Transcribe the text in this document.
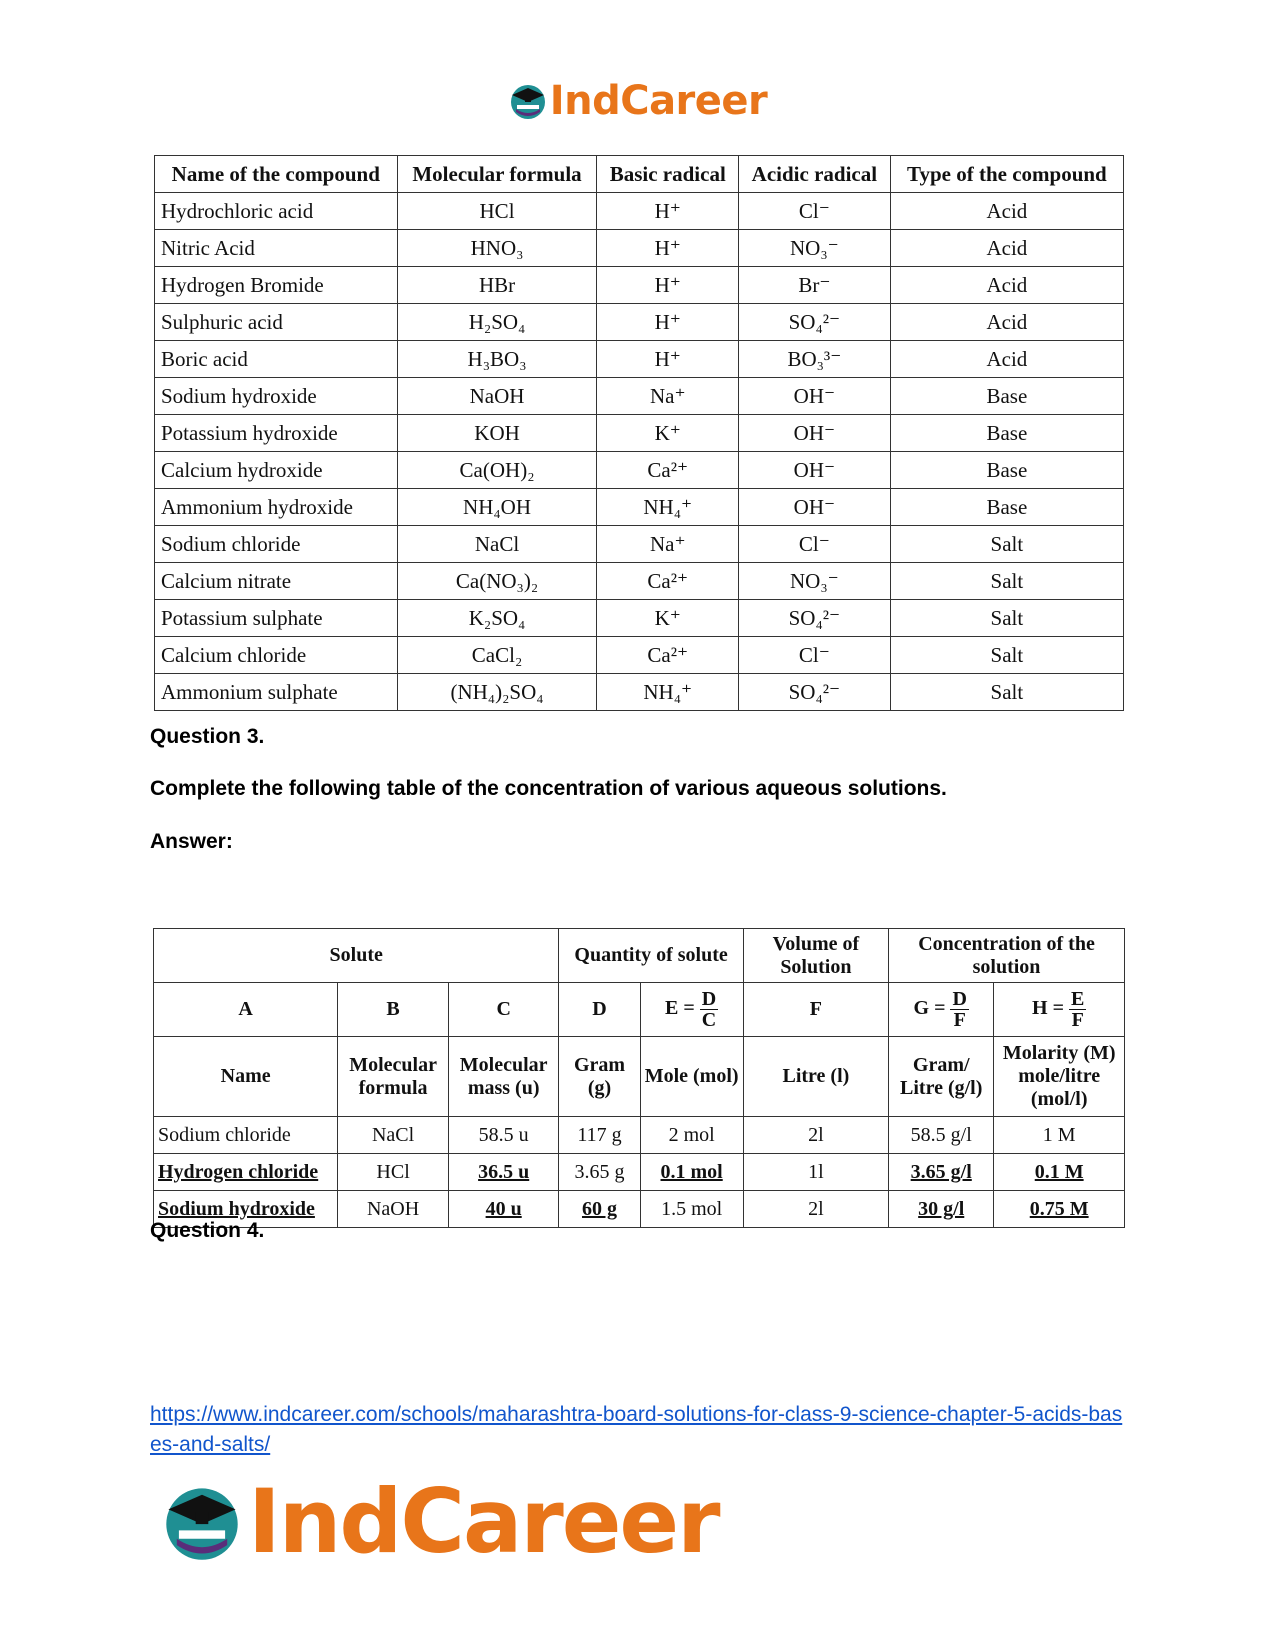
IndCareer
Name of the compound	Molecular formula	Basic radical	Acidic radical	Type of the compound
Hydrochloric acid	HCl	H⁺	Cl⁻	Acid
Nitric Acid	HNO₃	H⁺	NO₃⁻	Acid
Hydrogen Bromide	HBr	H⁺	Br⁻	Acid
Sulphuric acid	H₂SO₄	H⁺	SO₄²⁻	Acid
Boric acid	H₃BO₃	H⁺	BO₃³⁻	Acid
Sodium hydroxide	NaOH	Na⁺	OH⁻	Base
Potassium hydroxide	KOH	K⁺	OH⁻	Base
Calcium hydroxide	Ca(OH)₂	Ca²⁺	OH⁻	Base
Ammonium hydroxide	NH₄OH	NH₄⁺	OH⁻	Base
Sodium chloride	NaCl	Na⁺	Cl⁻	Salt
Calcium nitrate	Ca(NO₃)₂	Ca²⁺	NO₃⁻	Salt
Potassium sulphate	K₂SO₄	K⁺	SO₄²⁻	Salt
Calcium chloride	CaCl₂	Ca²⁺	Cl⁻	Salt
Ammonium sulphate	(NH₄)₂SO₄	NH₄⁺	SO₄²⁻	Salt
Question 3.
Complete the following table of the concentration of various aqueous solutions.
Answer:
Solute			Quantity of solute		Volume of Solution	Concentration of the solution	
A	B	C	D	$E = \frac{D}{C}$	F	$G = \frac{D}{F}$	$H = \frac{E}{F}$

Name	Molecular formula	Molecular mass (u)	Gram (g)	Mole (mol)	Litre (l)	Gram/ Litre (g/l)	Molarity (M) mole/litre (mol/l)
Sodium chloride	NaCl	58.5 u	117 g	2 mol	2l	58.5 g/l	1 M
Hydrogen chloride	HCl	36.5 u	3.65 g	0.1 mol	1l	3.65 g/l	0.1 M
Sodium hydroxide	NaOH	40 u	60 g	1.5 mol	2l	30 g/l	0.75 M
Question 4.
https://www.indcareer.com/schools/maharashtra-board-solutions-for-class-9-science-chapter-5-acids-bases-and-salts/
IndCareer
